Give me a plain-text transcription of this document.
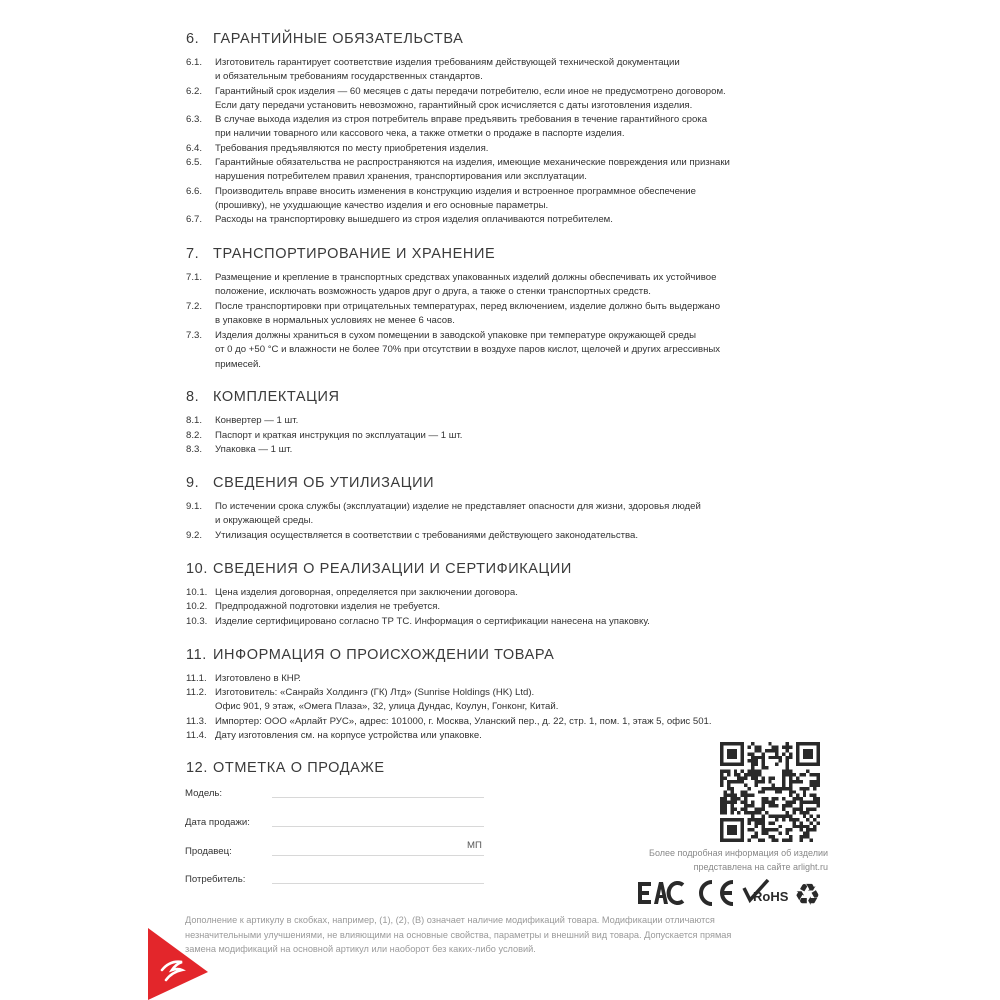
6. ГАРАНТИЙНЫЕ ОБЯЗАТЕЛЬСТВА
6.1.	Изготовитель гарантирует соответствие изделия требованиям действующей технической документации
и обязательным требованиям государственных стандартов.
6.2.	Гарантийный срок изделия — 60 месяцев с даты передачи потребителю, если иное не предусмотрено договором.
Если дату передачи установить невозможно, гарантийный срок исчисляется с даты изготовления изделия.
6.3.	В случае выхода изделия из строя потребитель вправе предъявить требования в течение гарантийного срока
при наличии товарного или кассового чека, а также отметки о продаже в паспорте изделия.
6.4.	Требования предъявляются по месту приобретения изделия.
6.5.	Гарантийные обязательства не распространяются на изделия, имеющие механические повреждения или признаки
нарушения потребителем правил хранения, транспортирования или эксплуатации.
6.6.	Производитель вправе вносить изменения в конструкцию изделия и встроенное программное обеспечение
(прошивку), не ухудшающие качество изделия и его основные параметры.
6.7.	Расходы на транспортировку вышедшего из строя изделия оплачиваются потребителем.
7. ТРАНСПОРТИРОВАНИЕ И ХРАНЕНИЕ
7.1.	Размещение и крепление в транспортных средствах упакованных изделий должны обеспечивать их устойчивое
положение, исключать возможность ударов друг о друга, а также о стенки транспортных средств.
7.2.	После транспортировки при отрицательных температурах, перед включением, изделие должно быть выдержано
в упаковке в нормальных условиях не менее 6 часов.
7.3.	Изделия должны храниться в сухом помещении в заводской упаковке при температуре окружающей среды
от 0 до +50 °С и влажности не более 70% при отсутствии в воздухе паров кислот, щелочей и других агрессивных
примесей.
8. КОМПЛЕКТАЦИЯ
8.1.	Конвертер — 1 шт.
8.2.	Паспорт и краткая инструкция по эксплуатации — 1 шт.
8.3.	Упаковка — 1 шт.
9. СВЕДЕНИЯ ОБ УТИЛИЗАЦИИ
9.1.	По истечении срока службы (эксплуатации) изделие не представляет опасности для жизни, здоровья людей
и окружающей среды.
9.2.	Утилизация осуществляется в соответствии с требованиями действующего законодательства.
10. СВЕДЕНИЯ О РЕАЛИЗАЦИИ И СЕРТИФИКАЦИИ
10.1. Цена изделия договорная, определяется при заключении договора.
10.2. Предпродажной подготовки изделия не требуется.
10.3. Изделие сертифицировано согласно ТР ТС. Информация о сертификации нанесена на упаковку.
11. ИНФОРМАЦИЯ О ПРОИСХОЖДЕНИИ ТОВАРА
11.1. Изготовлено в КНР.
11.2. Изготовитель: «Санрайз Холдингэ (ГК) Лтд» (Sunrise Holdings (HK) Ltd).
Офис 901, 9 этаж, «Омега Плаза», 32, улица Дундас, Коулун, Гонконг, Китай.
11.3. Импортер: ООО «Арлайт РУС», адрес: 101000, г. Москва, Уланский пер., д. 22, стр. 1, пом. 1, этаж 5, офис 501.
11.4. Дату изготовления см. на корпусе устройства или упаковке.
12. ОТМЕТКА О ПРОДАЖЕ
Модель:
Дата продажи:
Продавец:
МП
Потребитель:
Более подробная информация об изделии
представлена на сайте arlight.ru
EAC
RoHS ♻
Дополнение к артикулу в скобках, например, (1), (2), (В) означает наличие модификаций товара. Модификации отличаются
незначительными улучшениями, не влияющими на основные свойства, параметры и внешний вид товара. Допускается прямая
замена модификаций на основной артикул или наоборот без каких-либо условий.
